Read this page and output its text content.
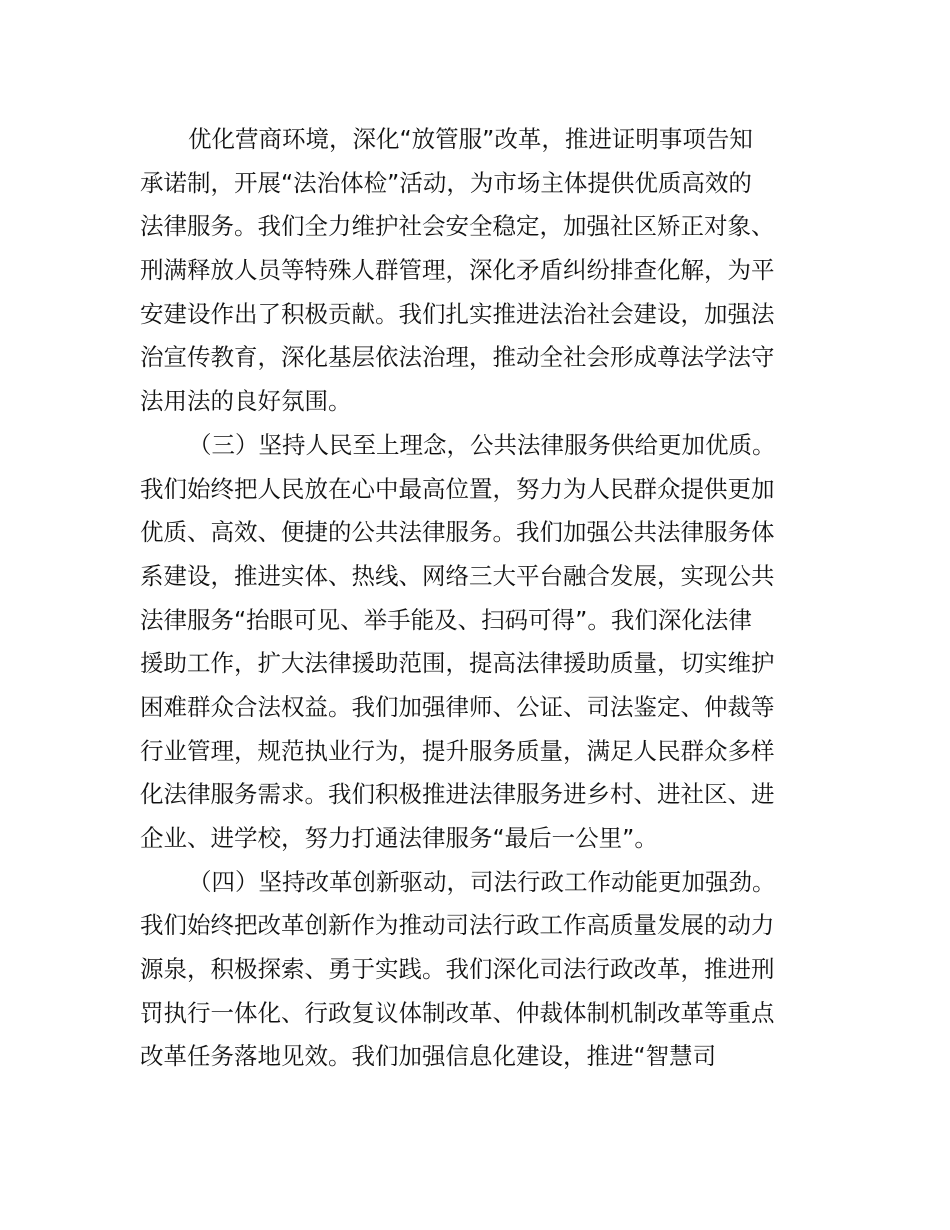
优化营商环境，深化“放管服”改革，推进证明事项告知
承诺制，开展“法治体检”活动，为市场主体提供优质高效的
法律服务。我们全力维护社会安全稳定，加强社区矫正对象、
刑满释放人员等特殊人群管理，深化矛盾纠纷排查化解，为平
安建设作出了积极贡献。我们扎实推进法治社会建设，加强法
治宣传教育，深化基层依法治理，推动全社会形成尊法学法守
法用法的良好氛围。
（三）坚持人民至上理念，公共法律服务供给更加优质。
我们始终把人民放在心中最高位置，努力为人民群众提供更加
优质、高效、便捷的公共法律服务。我们加强公共法律服务体
系建设，推进实体、热线、网络三大平台融合发展，实现公共
法律服务“抬眼可见、举手能及、扫码可得”。我们深化法律
援助工作，扩大法律援助范围，提高法律援助质量，切实维护
困难群众合法权益。我们加强律师、公证、司法鉴定、仲裁等
行业管理，规范执业行为，提升服务质量，满足人民群众多样
化法律服务需求。我们积极推进法律服务进乡村、进社区、进
企业、进学校，努力打通法律服务“最后一公里”。
（四）坚持改革创新驱动，司法行政工作动能更加强劲。
我们始终把改革创新作为推动司法行政工作高质量发展的动力
源泉，积极探索、勇于实践。我们深化司法行政改革，推进刑
罚执行一体化、行政复议体制改革、仲裁体制机制改革等重点
改革任务落地见效。我们加强信息化建设，推进“智慧司
